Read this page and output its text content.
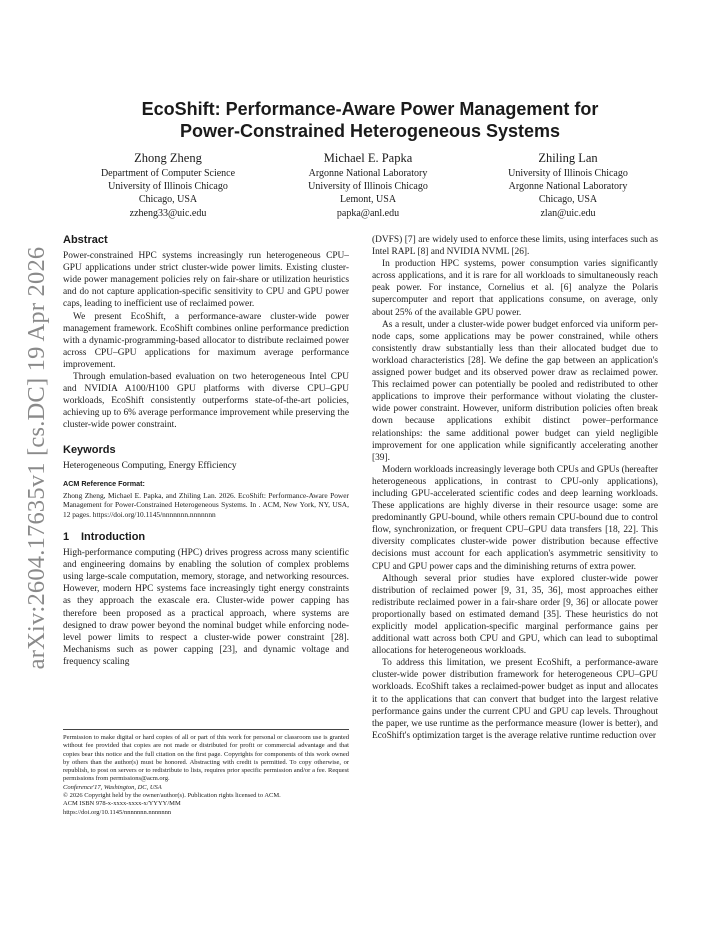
arXiv:2604.17635v1 [cs.DC] 19 Apr 2026
EcoShift: Performance-Aware Power Management for
Power-Constrained Heterogeneous Systems
Zhong Zheng
Department of Computer Science
University of Illinois Chicago
Chicago, USA
zzheng33@uic.edu
Michael E. Papka
Argonne National Laboratory
University of Illinois Chicago
Lemont, USA
papka@anl.edu
Zhiling Lan
University of Illinois Chicago
Argonne National Laboratory
Chicago, USA
zlan@uic.edu
Abstract

Power-constrained HPC systems increasingly run heterogeneous CPU–GPU applications under strict cluster-wide power limits. Existing cluster-wide power management policies rely on fair-share or utilization heuristics and do not capture application-specific sensitivity to CPU and GPU power caps, leading to inefficient use of reclaimed power.

We present EcoShift, a performance-aware cluster-wide power management framework. EcoShift combines online performance prediction with a dynamic-programming-based allocator to distribute reclaimed power across CPU–GPU applications for maximum average performance improvement.

Through emulation-based evaluation on two heterogeneous Intel CPU and NVIDIA A100/H100 GPU platforms with diverse CPU–GPU workloads, EcoShift consistently outperforms state-of-the-art policies, achieving up to 6% average performance improvement while preserving the cluster-wide power constraint.

Keywords

Heterogeneous Computing, Energy Efficiency

ACM Reference Format:

Zhong Zheng, Michael E. Papka, and Zhiling Lan. 2026. EcoShift: Performance-Aware Power Management for Power-Constrained Heterogeneous Systems. In . ACM, New York, NY, USA, 12 pages. https://doi.org/10.1145/nnnnnnn.nnnnnnn

1 Introduction

High-performance computing (HPC) drives progress across many scientific and engineering domains by enabling the solution of complex problems using large-scale computation, memory, storage, and networking resources. However, modern HPC systems face increasingly tight energy constraints as they approach the exascale era. Cluster-wide power capping has therefore been proposed as a practical approach, where systems are designed to draw power beyond the nominal budget while enforcing node-level power limits to respect a cluster-wide power constraint [28]. Mechanisms such as power capping [23], and dynamic voltage and frequency scaling

Permission to make digital or hard copies of all or part of this work for personal or classroom use is granted without fee provided that copies are not made or distributed for profit or commercial advantage and that copies bear this notice and the full citation on the first page. Copyrights for components of this work owned by others than the author(s) must be honored. Abstracting with credit is permitted. To copy otherwise, or republish, to post on servers or to redistribute to lists, requires prior specific permission and/or a fee. Request permissions from permissions@acm.org.
Conference'17, Washington, DC, USA
© 2026 Copyright held by the owner/author(s). Publication rights licensed to ACM.
ACM ISBN 978-x-xxxx-xxxx-x/YYYY/MM
https://doi.org/10.1145/nnnnnnn.nnnnnnn

(DVFS) [7] are widely used to enforce these limits, using interfaces such as Intel RAPL [8] and NVIDIA NVML [26].

In production HPC systems, power consumption varies significantly across applications, and it is rare for all workloads to simultaneously reach peak power. For instance, Cornelius et al. [6] analyze the Polaris supercomputer and report that applications consume, on average, only about 25% of the available GPU power.

As a result, under a cluster-wide power budget enforced via uniform per-node caps, some applications may be power constrained, while others consistently draw substantially less than their allocated budget due to workload characteristics [28]. We define the gap between an application's assigned power budget and its observed power draw as reclaimed power. This reclaimed power can potentially be pooled and redistributed to other applications to improve their performance without violating the cluster-wide power constraint. However, uniform distribution policies often break down because applications exhibit distinct power–performance relationships: the same additional power budget can yield negligible improvement for one application while significantly accelerating another [39].

Modern workloads increasingly leverage both CPUs and GPUs (hereafter heterogeneous applications, in contrast to CPU-only applications), including GPU-accelerated scientific codes and deep learning workloads. These applications are highly diverse in their resource usage: some are predominantly GPU-bound, while others remain CPU-bound due to control flow, synchronization, or frequent CPU–GPU data transfers [18, 22]. This diversity complicates cluster-wide power distribution because effective decisions must account for each application's asymmetric sensitivity to CPU and GPU power caps and the diminishing returns of extra power.

Although several prior studies have explored cluster-wide power distribution of reclaimed power [9, 31, 35, 36], most approaches either redistribute reclaimed power in a fair-share order [9, 36] or allocate power proportionally based on estimated demand [35]. These heuristics do not explicitly model application-specific marginal performance gains per additional watt across both CPU and GPU, which can lead to suboptimal allocations for heterogeneous workloads.

To address this limitation, we present EcoShift, a performance-aware cluster-wide power distribution framework for heterogeneous CPU–GPU workloads. EcoShift takes a reclaimed-power budget as input and allocates it to the applications that can convert that budget into the largest relative performance gains under the current CPU and GPU cap levels. Throughout the paper, we use runtime as the performance measure (lower is better), and EcoShift's optimization target is the average relative runtime reduction over
